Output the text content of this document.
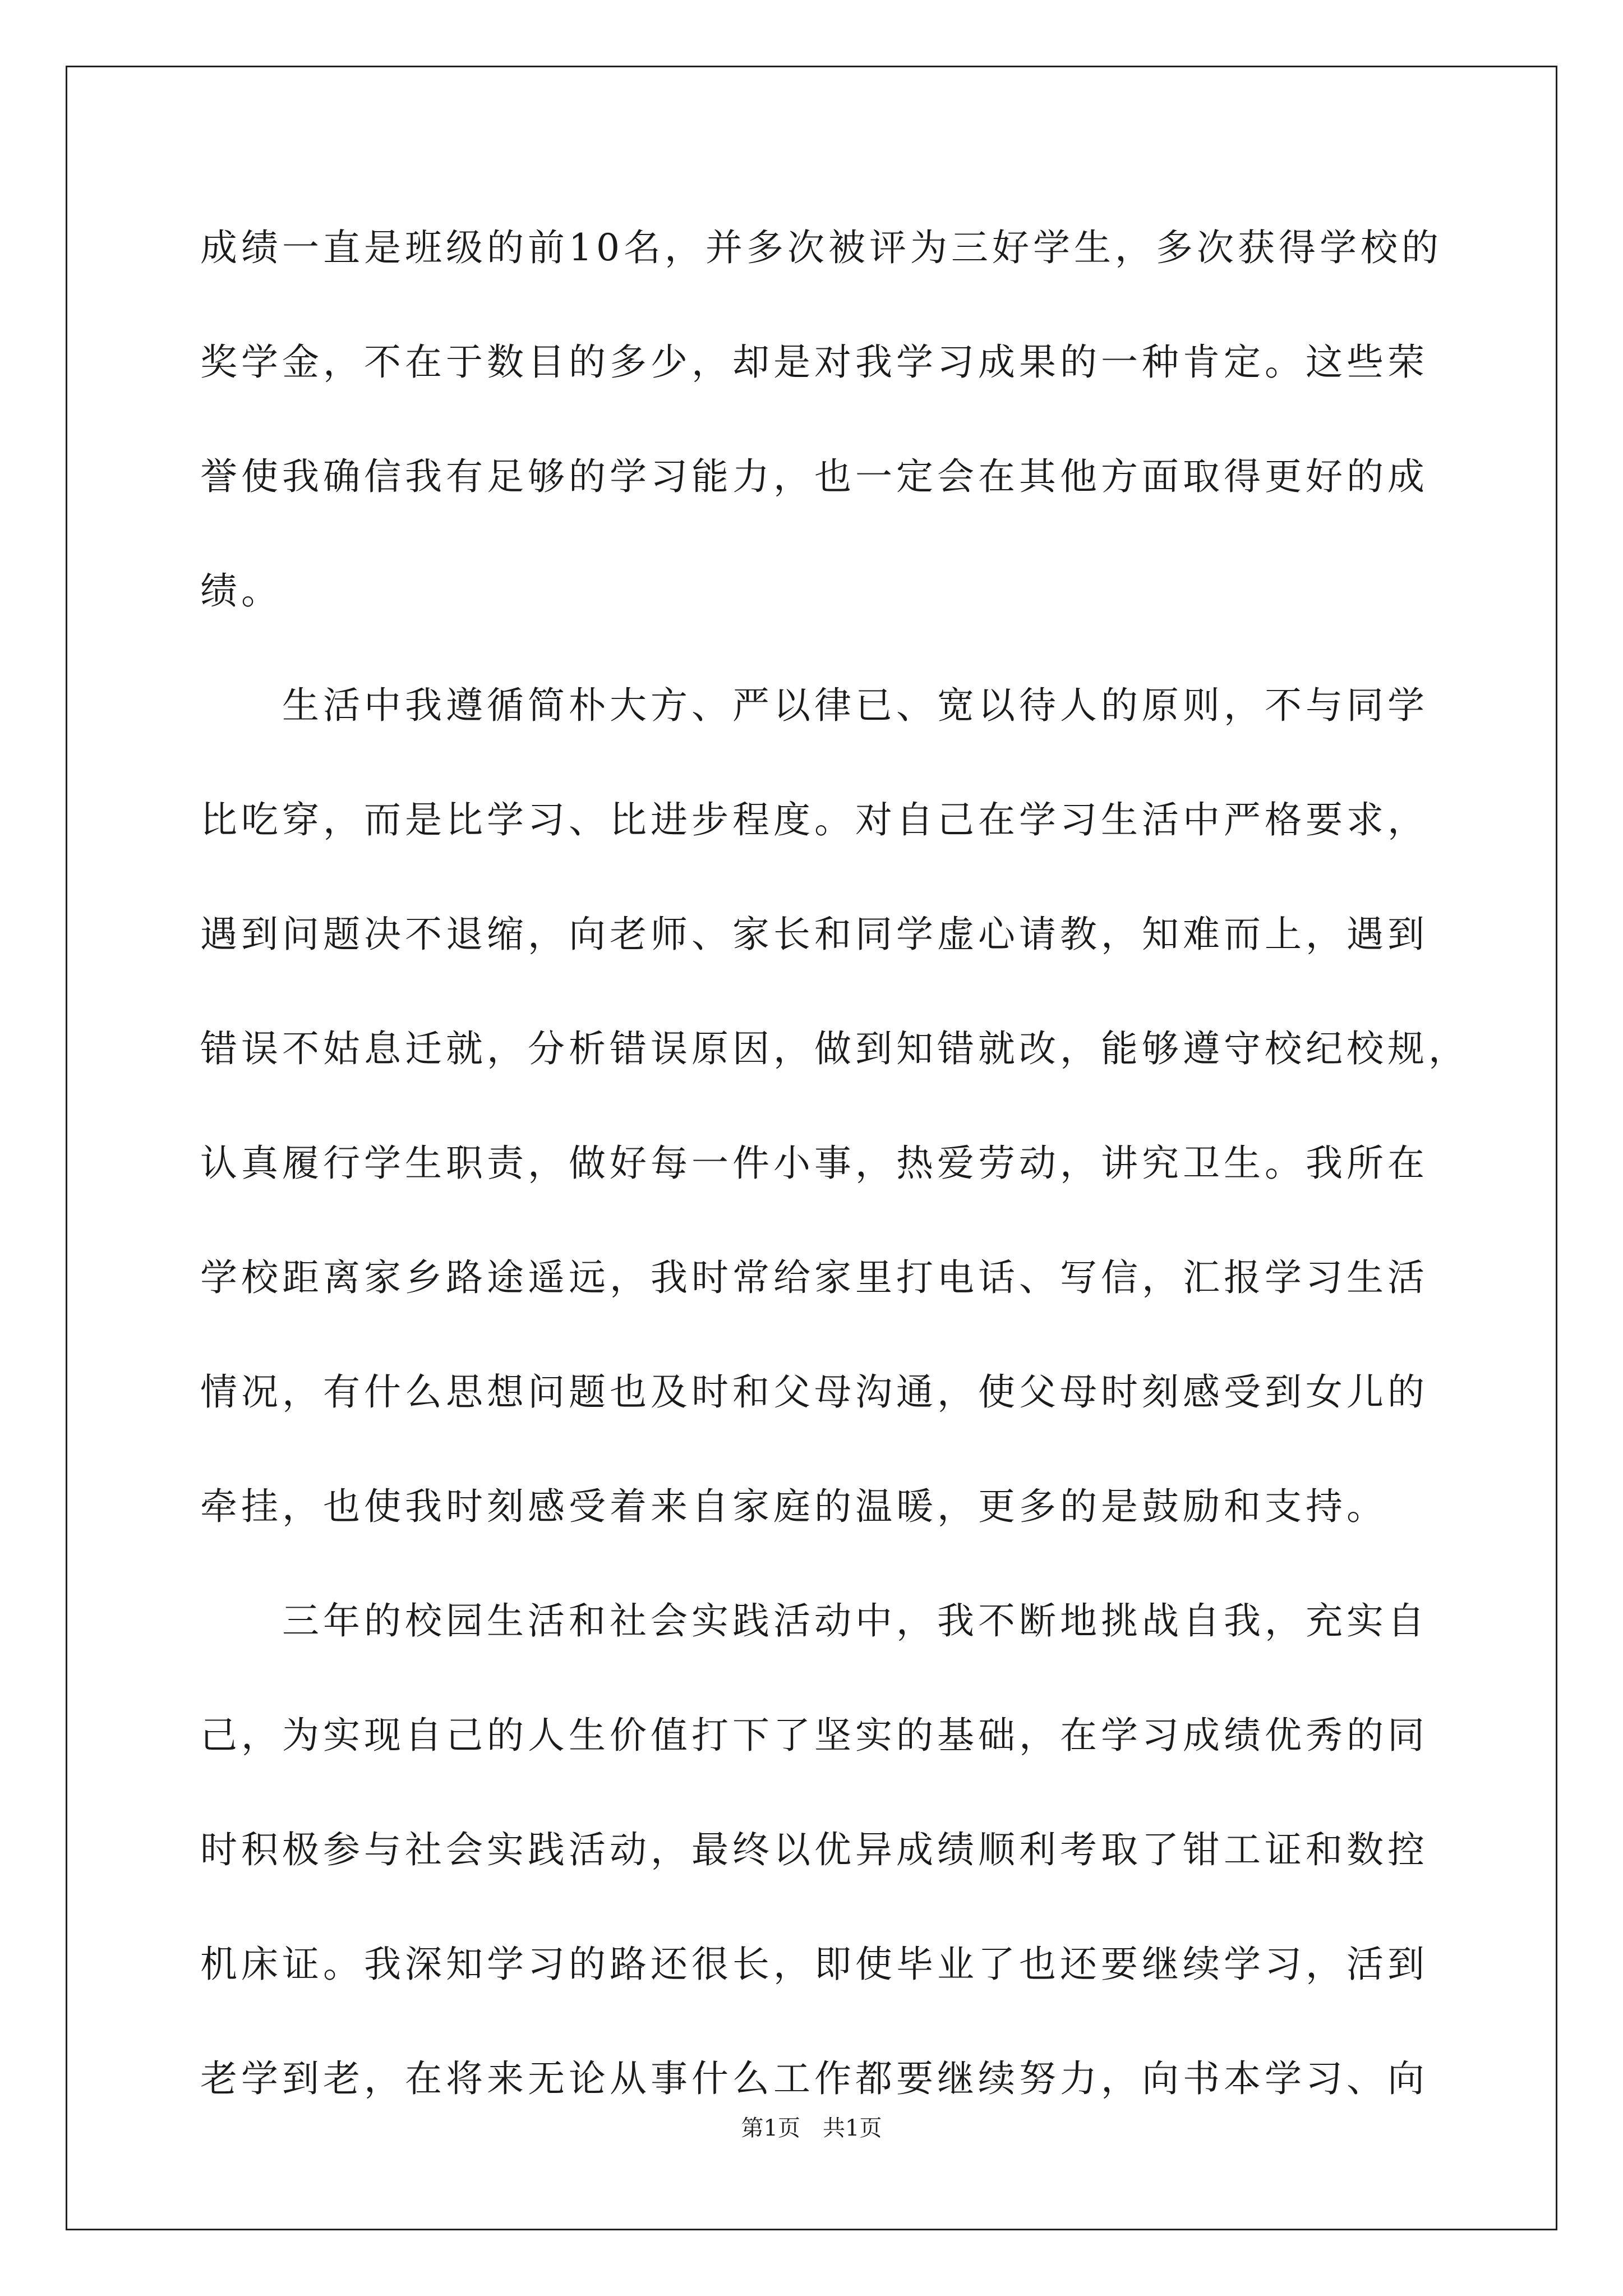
成绩一直是班级的前10名，并多次被评为三好学生，多次获得学校的
奖学金，不在于数目的多少，却是对我学习成果的一种肯定。这些荣
誉使我确信我有足够的学习能力，也一定会在其他方面取得更好的成
绩。
　　生活中我遵循简朴大方、严以律已、宽以待人的原则，不与同学
比吃穿，而是比学习、比进步程度。对自己在学习生活中严格要求，
遇到问题决不退缩，向老师、家长和同学虚心请教，知难而上，遇到
错误不姑息迁就，分析错误原因，做到知错就改，能够遵守校纪校规，
认真履行学生职责，做好每一件小事，热爱劳动，讲究卫生。我所在
学校距离家乡路途遥远，我时常给家里打电话、写信，汇报学习生活
情况，有什么思想问题也及时和父母沟通，使父母时刻感受到女儿的
牵挂，也使我时刻感受着来自家庭的温暖，更多的是鼓励和支持。
　　三年的校园生活和社会实践活动中，我不断地挑战自我，充实自
己，为实现自己的人生价值打下了坚实的基础，在学习成绩优秀的同
时积极参与社会实践活动，最终以优异成绩顺利考取了钳工证和数控
机床证。我深知学习的路还很长，即使毕业了也还要继续学习，活到
老学到老，在将来无论从事什么工作都要继续努力，向书本学习、向
第1页　共1页
